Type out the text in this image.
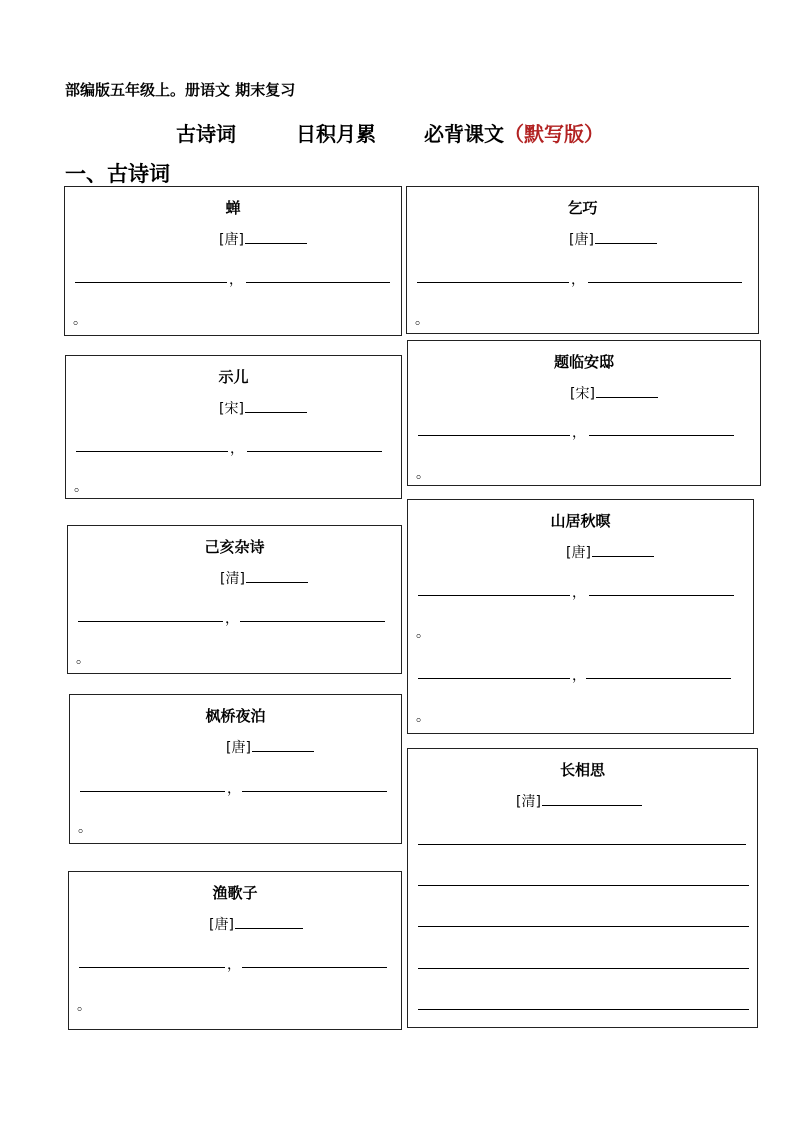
部编版五年级上。册语文 期末复习
古诗词	日积月累 必背课文（默写版）
一、古诗词
蝉
[唐]
，
。
乞巧
[唐]
，
。
示儿
[宋]
，
。
题临安邸
[宋]
，
。
己亥杂诗
[清]
，
。
山居秋暝
[唐]
，
。
，
。
枫桥夜泊
[唐]
，
。
长相思
[清]
渔歌子
[唐]
，
。
